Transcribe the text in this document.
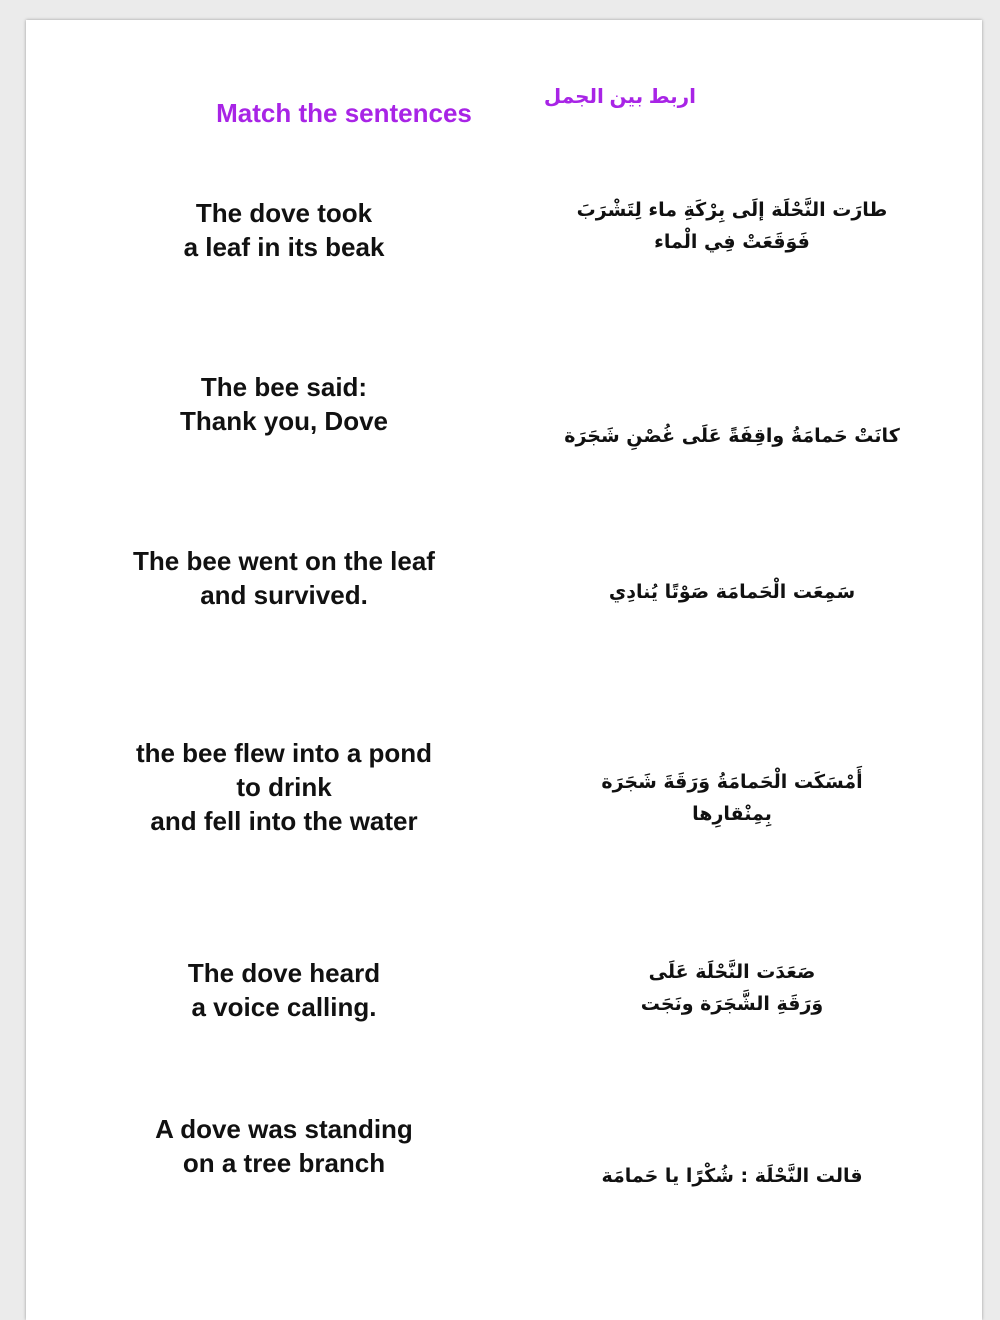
Match the sentences
اربط بين الجمل
The dove took
a leaf in its beak
The bee said:
Thank you, Dove
The bee went on the leaf
and survived.
the bee flew into a pond
to drink
and fell into the water
The dove heard
a voice calling.
A dove was standing
on a tree branch
طارَت النَّحْلَة إلَى بِرْكَةِ ماء لِتَشْرَبَ
فَوَقَعَتْ فِي الْماء
كانَتْ حَمامَةُ واقِفَةً عَلَى غُصْنِ شَجَرَة
سَمِعَت الْحَمامَة صَوْتًا يُنادِي
أَمْسَكَت الْحَمامَةُ وَرَقَةَ شَجَرَة
بِمِنْقارِها
صَعَدَت النَّحْلَة عَلَى
وَرَقَةِ الشَّجَرَة ونَجَت
قالت النَّحْلَة : شُكْرًا يا حَمامَة
